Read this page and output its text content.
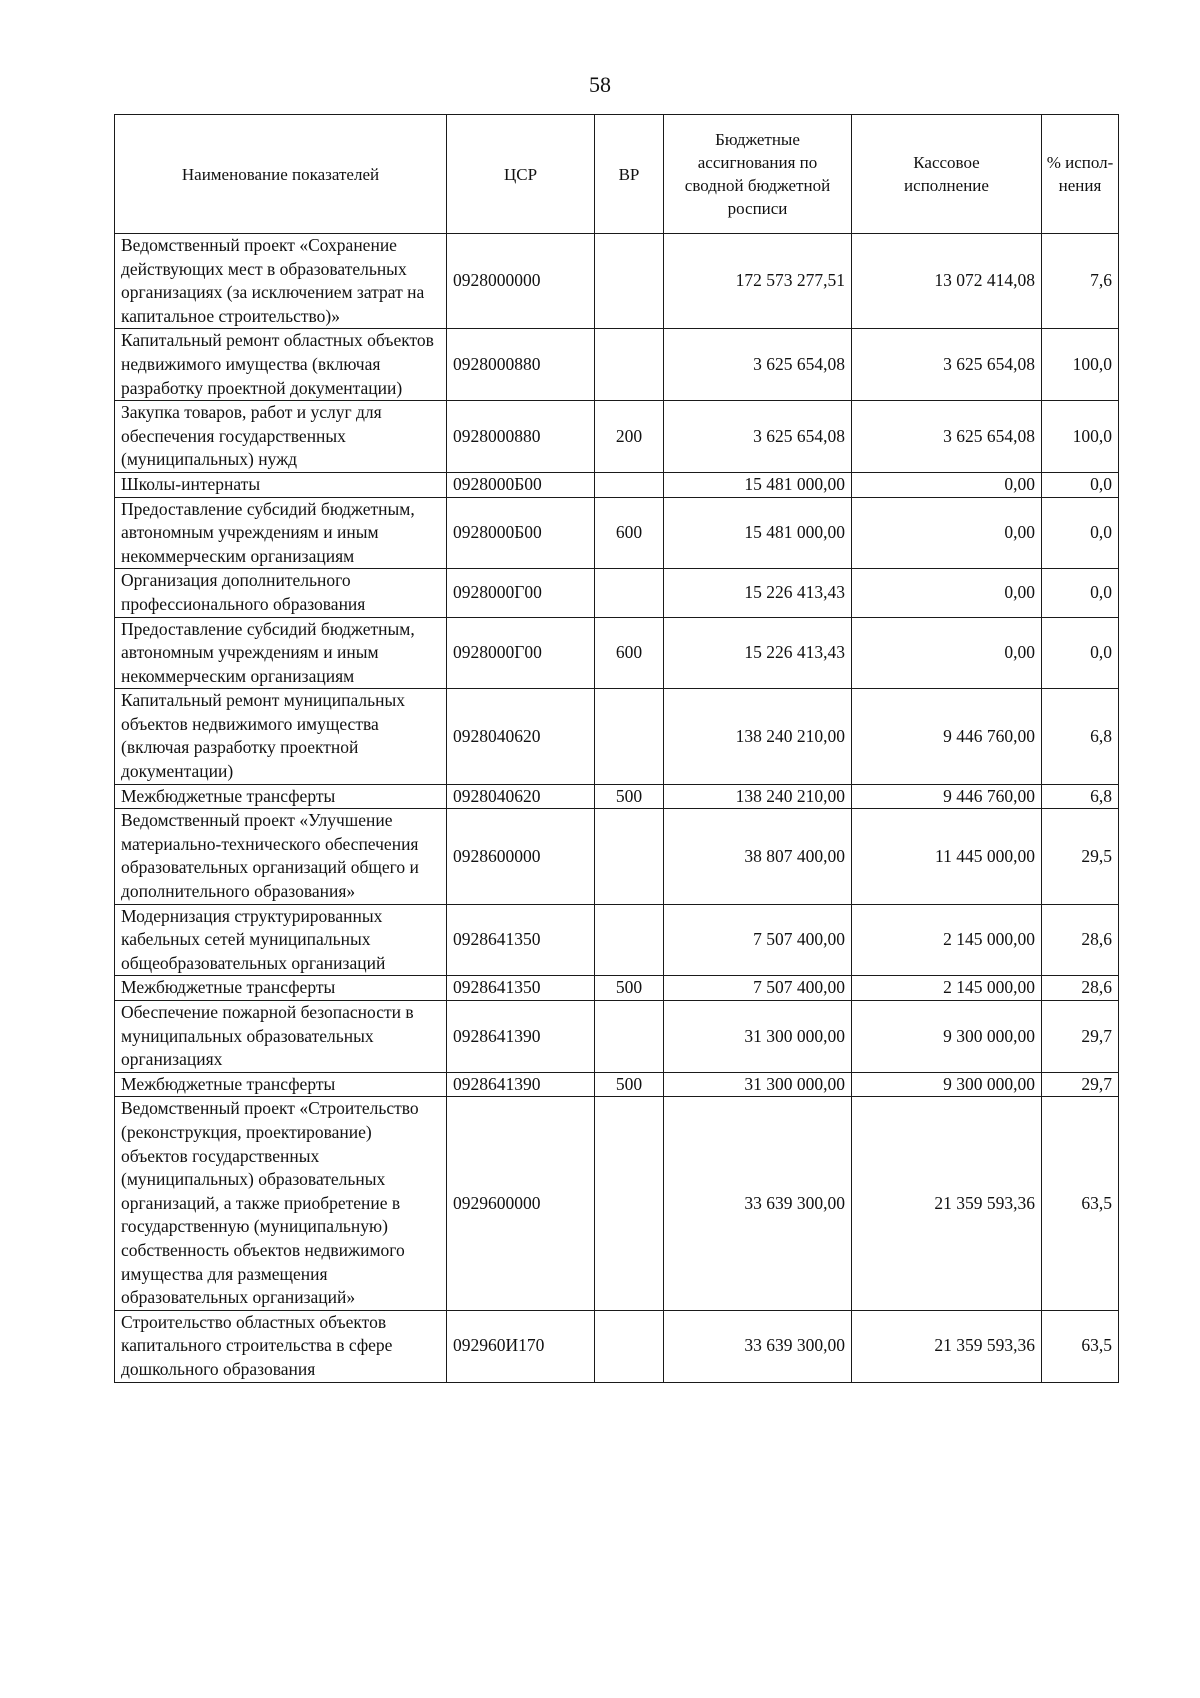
58
Наименование показателей	ЦСР	ВР	Бюджетные ассигнования по сводной бюджетной росписи	Кассовое исполнение	% испол-нения
Ведомственный проект «Сохранение действующих мест в образовательных организациях (за исключением затрат на капитальное строительство)»	0928000000		172 573 277,51	13 072 414,08	7,6
Капитальный ремонт областных объектов недвижимого имущества (включая разработку проектной документации)	0928000880		3 625 654,08	3 625 654,08	100,0
Закупка товаров, работ и услуг для обеспечения государственных (муниципальных) нужд	0928000880	200	3 625 654,08	3 625 654,08	100,0
Школы-интернаты	0928000Б00		15 481 000,00	0,00	0,0
Предоставление субсидий бюджетным, автономным учреждениям и иным некоммерческим организациям	0928000Б00	600	15 481 000,00	0,00	0,0
Организация дополнительного профессионального образования	0928000Г00		15 226 413,43	0,00	0,0
Предоставление субсидий бюджетным, автономным учреждениям и иным некоммерческим организациям	0928000Г00	600	15 226 413,43	0,00	0,0
Капитальный ремонт муниципальных объектов недвижимого имущества (включая разработку проектной документации)	0928040620		138 240 210,00	9 446 760,00	6,8
Межбюджетные трансферты	0928040620	500	138 240 210,00	9 446 760,00	6,8
Ведомственный проект «Улучшение материально-технического обеспечения образовательных организаций общего и дополнительного образования»	0928600000		38 807 400,00	11 445 000,00	29,5
Модернизация структурированных кабельных сетей муниципальных общеобразовательных организаций	0928641350		7 507 400,00	2 145 000,00	28,6
Межбюджетные трансферты	0928641350	500	7 507 400,00	2 145 000,00	28,6
Обеспечение пожарной безопасности в муниципальных образовательных организациях	0928641390		31 300 000,00	9 300 000,00	29,7
Межбюджетные трансферты	0928641390	500	31 300 000,00	9 300 000,00	29,7
Ведомственный проект «Строительство (реконструкция, проектирование) объектов государственных (муниципальных) образовательных организаций, а также приобретение в государственную (муниципальную) собственность объектов недвижимого имущества для размещения образовательных организаций»	0929600000		33 639 300,00	21 359 593,36	63,5
Строительство областных объектов капитального строительства в сфере дошкольного образования	092960И170		33 639 300,00	21 359 593,36	63,5
